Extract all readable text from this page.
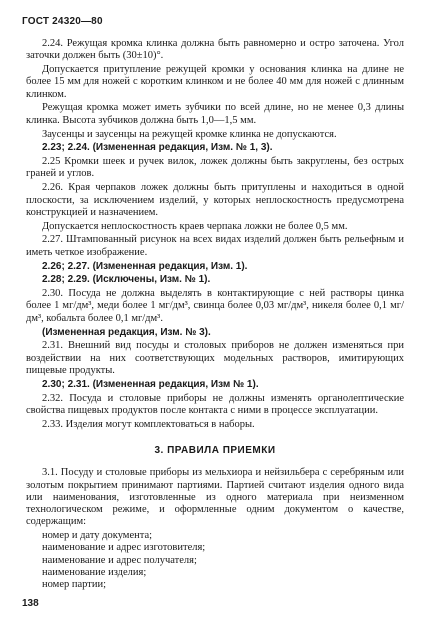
ГОСТ 24320—80

2.24. Режущая кромка клинка должна быть равномерно и остро заточена. Угол заточки должен быть (30±10)°.

Допускается притупление режущей кромки у основания клинка на длине не более 15 мм для ножей с коротким клинком и не более 40 мм для ножей с длинным клинком.

Режущая кромка может иметь зубчики по всей длине, но не менее 0,3 длины клинка. Высота зубчиков должна быть 1,0—1,5 мм.

Заусенцы и заусенцы на режущей кромке клинка не допускаются.

2.23; 2.24. (Измененная редакция, Изм. № 1, 3).

2.25 Кромки шеек и ручек вилок, ложек должны быть закруглены, без острых граней и углов.

2.26. Края черпаков ложек должны быть притуплены и находиться в одной плоскости, за исключением изделий, у которых неплоскостность предусмотрена конструкцией и назначением.

Допускается неплоскостность краев черпака ложки не более 0,5 мм.

2.27. Штампованный рисунок на всех видах изделий должен быть рельефным и иметь четкое изображение.

2.26; 2.27. (Измененная редакция, Изм. 1).

2.28; 2.29. (Исключены, Изм. № 1).

2.30. Посуда не должна выделять в контактирующие с ней растворы цинка более 1 мг/дм³, меди более 1 мг/дм³, свинца более 0,03 мг/дм³, никеля более 0,1 мг/дм³, кобальта более 0,1 мг/дм³.

(Измененная редакция, Изм. № 3).

2.31. Внешний вид посуды и столовых приборов не должен изменяться при воздействии на них соответствующих модельных растворов, имитирующих пищевые продукты.

2.30; 2.31. (Измененная редакция, Изм № 1).

2.32. Посуда и столовые приборы не должны изменять органолептические свойства пищевых продуктов после контакта с ними в процессе эксплуатации.

2.33. Изделия могут комплектоваться в наборы.

3. ПРАВИЛА ПРИЕМКИ

3.1. Посуду и столовые приборы из мельхиора и нейзильбера с серебряным или золотым покрытием принимают партиями. Партией считают изделия одного вида или наименования, изготовленные из одного материала при неизменном технологическом режиме, и оформленные одним документом о качестве, содержащим:

номер и дату документа;

наименование и адрес изготовителя;

наименование и адрес получателя;

наименование изделия;

номер партии;

138
